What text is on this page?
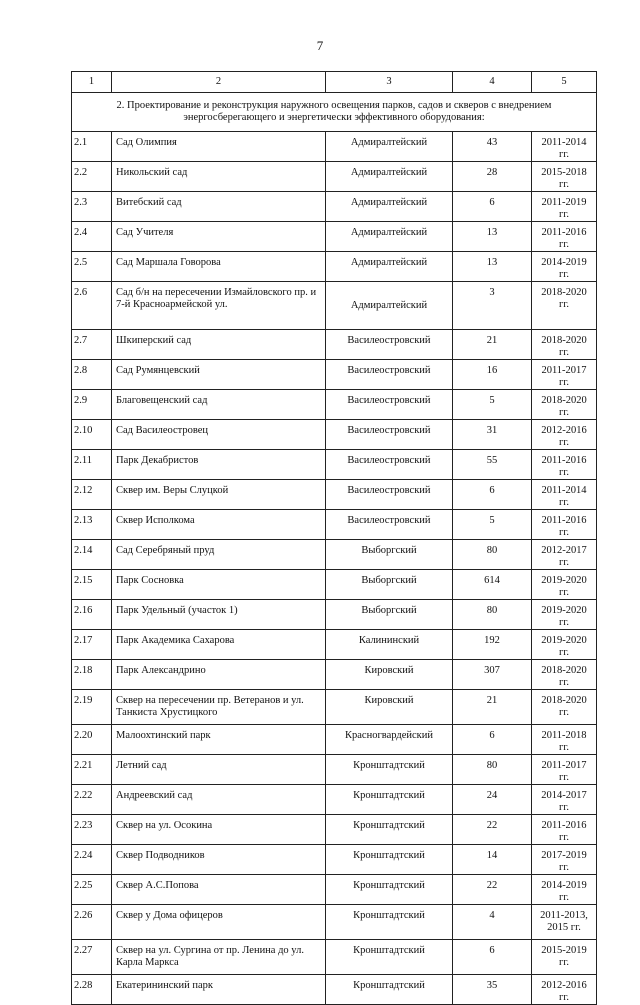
7
1	2	3	4	5
2. Проектирование и реконструкция наружного освещения парков, садов и скверов с внедрением энергосберегающего и энергетически эффективного оборудования:				
2.1	Сад Олимпия	Адмиралтейский	43	2011-2014 гг.
2.2	Никольский сад	Адмиралтейский	28	2015-2018 гг.
2.3	Витебский сад	Адмиралтейский	6	2011-2019 гг.
2.4	Сад Учителя	Адмиралтейский	13	2011-2016 гг.
2.5	Сад Маршала Говорова	Адмиралтейский	13	2014-2019 гг.
2.6	Сад б/н на пересечении Измайловского пр. и 7-й Красноармейской ул.	Адмиралтейский	3	2018-2020 гг.
2.7	Шкиперский сад	Василеостровский	21	2018-2020 гг.
2.8	Сад Румянцевский	Василеостровский	16	2011-2017 гг.
2.9	Благовещенский сад	Василеостровский	5	2018-2020 гг.
2.10	Сад Василеостровец	Василеостровский	31	2012-2016 гг.
2.11	Парк Декабристов	Василеостровский	55	2011-2016 гг.
2.12	Сквер им. Веры Слуцкой	Василеостровский	6	2011-2014 гг.
2.13	Сквер Исполкома	Василеостровский	5	2011-2016 гг.
2.14	Сад Серебряный пруд	Выборгский	80	2012-2017 гг.
2.15	Парк Сосновка	Выборгский	614	2019-2020 гг.
2.16	Парк Удельный (участок 1)	Выборгский	80	2019-2020 гг.
2.17	Парк Академика Сахарова	Калининский	192	2019-2020 гг.
2.18	Парк Александрино	Кировский	307	2018-2020 гг.
2.19	Сквер на пересечении пр. Ветеранов и ул. Танкиста Хрустицкого	Кировский	21	2018-2020 гг.
2.20	Малоохтинский парк	Красногвардейский	6	2011-2018 гг.
2.21	Летний сад	Кронштадтский	80	2011-2017 гг.
2.22	Андреевский сад	Кронштадтский	24	2014-2017 гг.
2.23	Сквер на ул. Осокина	Кронштадтский	22	2011-2016 гг.
2.24	Сквер Подводников	Кронштадтский	14	2017-2019 гг.
2.25	Сквер А.С.Попова	Кронштадтский	22	2014-2019 гг.
2.26	Сквер у Дома офицеров	Кронштадтский	4	2011-2013, 2015 гг.
2.27	Сквер на ул. Сургина от пр. Ленина до ул. Карла Маркса	Кронштадтский	6	2015-2019 гг.
2.28	Екатерининский парк	Кронштадтский	35	2012-2016 гг.
